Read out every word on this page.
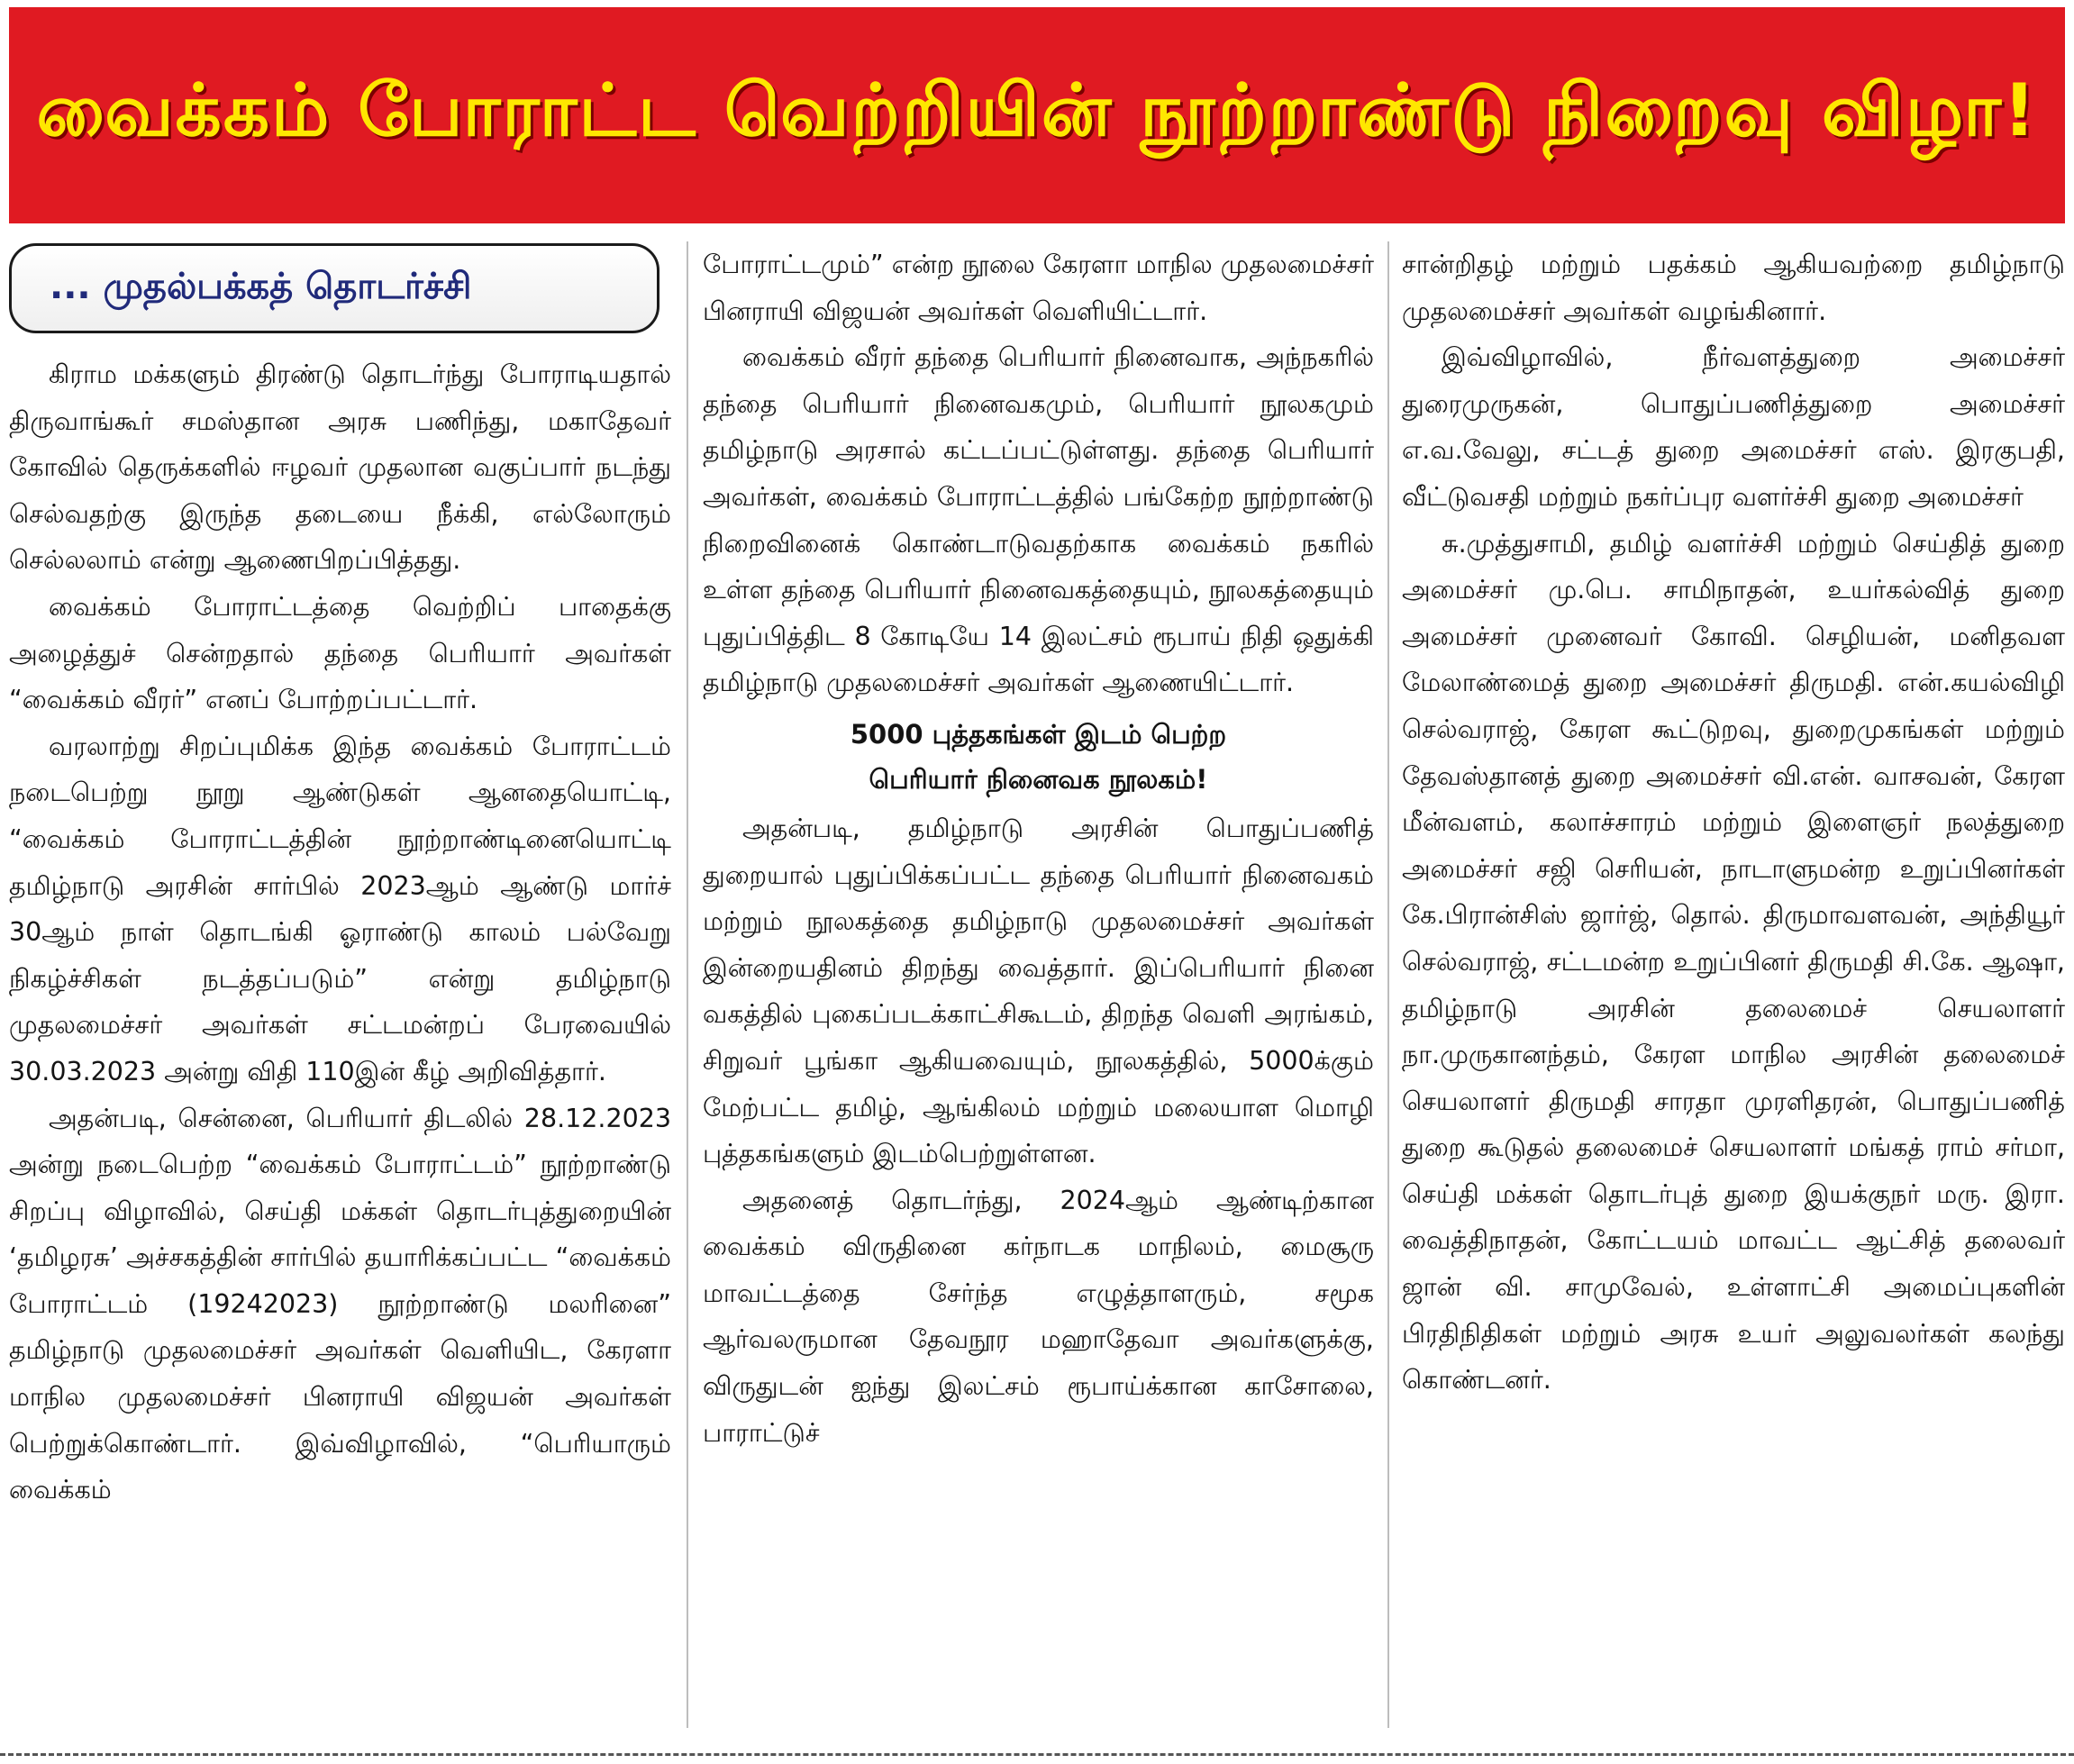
வைக்கம் போராட்ட வெற்றியின் நூற்றாண்டு நிறைவு விழா!
... முதல்பக்கத் தொடர்ச்சி

கிராம மக்களும் திரண்டு தொடர்ந்து போராடியதால் திருவாங்கூர் சமஸ்தான அரசு பணிந்து, மகாதேவர் கோவில் தெருக்களில் ஈழவர் முதலான வகுப்பார் நடந்து செல்வதற்கு இருந்த தடையை நீக்கி, எல்லோரும் செல்லலாம் என்று ஆணைபிறப்பித்தது.

வைக்கம் போராட்டத்தை வெற்றிப் பாதைக்கு அழைத்துச் சென்றதால் தந்தை பெரியார் அவர்கள் “வைக்கம் வீரர்” எனப் போற்றப்பட்டார்.

வரலாற்று சிறப்புமிக்க இந்த வைக்கம் போராட்டம் நடைபெற்று நூறு ஆண்டுகள் ஆனதையொட்டி, “வைக்கம் போராட்டத்தின் நூற்றாண்டினையொட்டி தமிழ்நாடு அரசின் சார்பில் 2023ஆம் ஆண்டு மார்ச் 30ஆம் நாள் தொடங்கி ஓராண்டு காலம் பல்வேறு நிகழ்ச்சிகள் நடத்தப்படும்” என்று தமிழ்நாடு முதலமைச்சர் அவர்கள் சட்டமன்றப் பேரவையில் 30.03.2023 அன்று விதி 110இன் கீழ் அறிவித்தார்.

அதன்படி, சென்னை, பெரியார் திடலில் 28.12.2023 அன்று நடைபெற்ற “வைக்கம் போராட்டம்” நூற்றாண்டு சிறப்பு விழாவில், செய்தி மக்கள் தொடர்புத்துறையின் ‘தமிழரசு’ அச்சகத்தின் சார்பில் தயாரிக்கப்பட்ட “வைக்கம் போராட்டம் (19242023) நூற்றாண்டு மலரினை” தமிழ்நாடு முதலமைச்சர் அவர்கள் வெளியிட, கேரளா மாநில முதலமைச்சர் பினராயி விஜயன் அவர்கள் பெற்றுக்கொண்டார். இவ்விழாவில், “பெரியாரும் வைக்கம்

போராட்டமும்” என்ற நூலை கேரளா மாநில முதலமைச்சர் பினராயி விஜயன் அவர்கள் வெளியிட்டார்.

வைக்கம் வீரர் தந்தை பெரியார் நினைவாக, அந்நகரில் தந்தை பெரியார் நினைவகமும், பெரியார் நூலகமும் தமிழ்நாடு அரசால் கட்டப்பட்டுள்ளது. தந்தை பெரியார் அவர்கள், வைக்கம் போராட்டத்தில் பங்கேற்ற நூற்றாண்டு நிறைவினைக் கொண்டாடுவதற்காக வைக்கம் நகரில் உள்ள தந்தை பெரியார் நினைவகத்தையும், நூலகத்தையும் புதுப்பித்திட 8 கோடியே 14 இலட்சம் ரூபாய் நிதி ஒதுக்கி தமிழ்நாடு முதலமைச்சர் அவர்கள் ஆணையிட்டார்.

5000 புத்தகங்கள் இடம் பெற்ற
பெரியார் நினைவக நூலகம்!

அதன்படி, தமிழ்நாடு அரசின் பொதுப்பணித் துறையால் புதுப்பிக்கப்பட்ட தந்தை பெரியார் நினைவகம் மற்றும் நூலகத்தை தமிழ்நாடு முதலமைச்சர் அவர்கள் இன்றையதினம் திறந்து வைத்தார். இப்பெரியார் நினை வகத்தில் புகைப்படக்காட்சிகூடம், திறந்த வெளி அரங்கம், சிறுவர் பூங்கா ஆகியவையும், நூலகத்தில், 5000க்கும் மேற்பட்ட தமிழ், ஆங்கிலம் மற்றும் மலையாள மொழி புத்தகங்களும் இடம்பெற்றுள்ளன.

அதனைத் தொடர்ந்து, 2024ஆம் ஆண்டிற்கான வைக்கம் விருதினை கர்நாடக மாநிலம், மைசூரு மாவட்டத்தை சேர்ந்த எழுத்தாளரும், சமூக ஆர்வலருமான தேவநூர மஹாதேவா அவர்களுக்கு, விருதுடன் ஐந்து இலட்சம் ரூபாய்க்கான காசோலை, பாராட்டுச்

சான்றிதழ் மற்றும் பதக்கம் ஆகியவற்றை தமிழ்நாடு முதலமைச்சர் அவர்கள் வழங்கினார்.

இவ்விழாவில், நீர்வளத்துறை அமைச்சர் துரைமுருகன், பொதுப்பணித்துறை அமைச்சர் எ.வ.வேலு, சட்டத் துறை அமைச்சர் எஸ். இரகுபதி, வீட்டுவசதி மற்றும் நகர்ப்புர வளர்ச்சி துறை அமைச்சர்

சு.முத்துசாமி, தமிழ் வளர்ச்சி மற்றும் செய்தித் துறை அமைச்சர் மு.பெ. சாமிநாதன், உயர்கல்வித் துறை அமைச்சர் முனைவர் கோவி. செழியன், மனிதவள மேலாண்மைத் துறை அமைச்சர் திருமதி. என்.கயல்விழி செல்வராஜ், கேரள கூட்டுறவு, துறைமுகங்கள் மற்றும் தேவஸ்தானத் துறை அமைச்சர் வி.என். வாசவன், கேரள மீன்வளம், கலாச்சாரம் மற்றும் இளைஞர் நலத்துறை அமைச்சர் சஜி செரியன், நாடாளுமன்ற உறுப்பினர்கள் கே.பிரான்சிஸ் ஜார்ஜ், தொல். திருமாவளவன், அந்தியூர் செல்வராஜ், சட்டமன்ற உறுப்பினர் திருமதி சி.கே. ஆஷா, தமிழ்நாடு அரசின் தலைமைச் செயலாளர் நா.முருகானந்தம், கேரள மாநில அரசின் தலைமைச் செயலாளர் திருமதி சாரதா முரளிதரன், பொதுப்பணித் துறை கூடுதல் தலைமைச் செயலாளர் மங்கத் ராம் சர்மா, செய்தி மக்கள் தொடர்புத் துறை இயக்குநர் மரு. இரா. வைத்திநாதன், கோட்டயம் மாவட்ட ஆட்சித் தலைவர் ஜான் வி. சாமுவேல், உள்ளாட்சி அமைப்புகளின் பிரதிநிதிகள் மற்றும் அரசு உயர் அலுவலர்கள் கலந்து கொண்டனர்.
